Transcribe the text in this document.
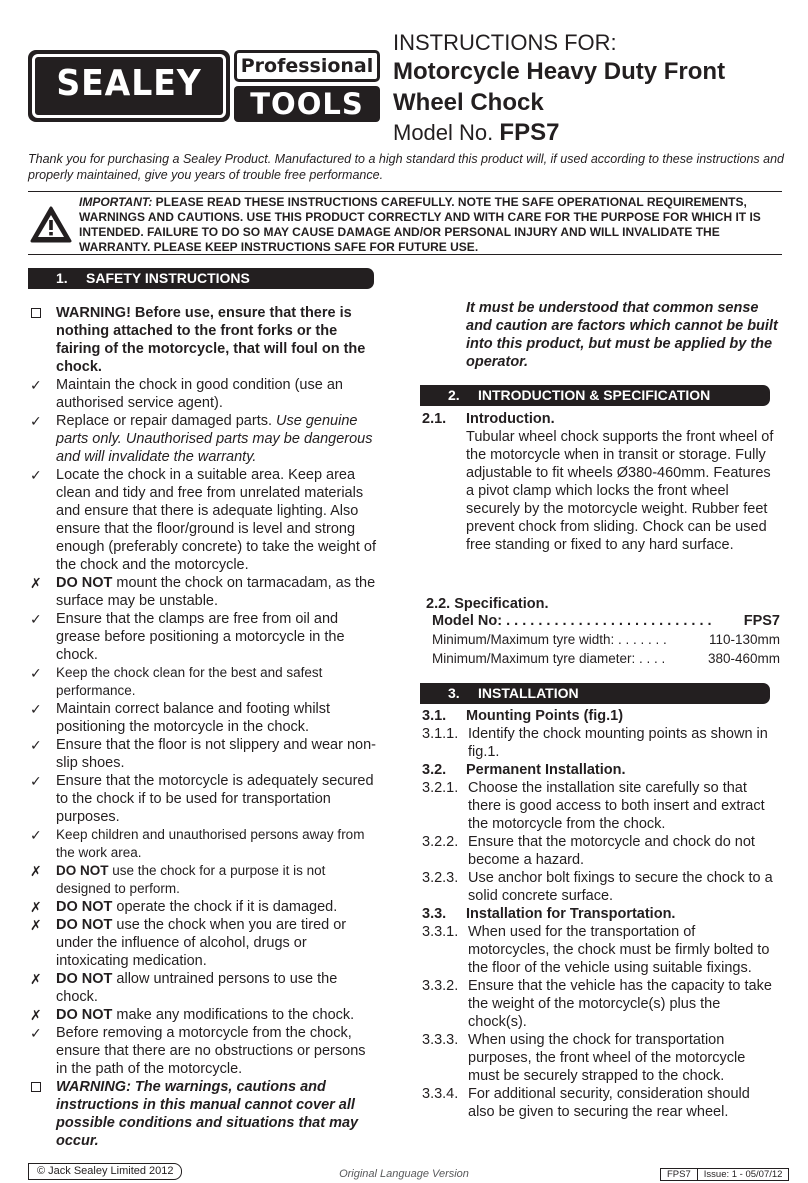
SEALEY	Professional
TOOLS
INSTRUCTIONS FOR:
Motorcycle Heavy Duty Front
Wheel Chock
Model No. FPS7
Thank you for purchasing a Sealey Product. Manufactured to a high standard this product will, if used according to these instructions and properly maintained, give you years of trouble free performance.
IMPORTANT: PLEASE READ THESE INSTRUCTIONS CAREFULLY. NOTE THE SAFE OPERATIONAL REQUIREMENTS, WARNINGS AND CAUTIONS. USE THIS PRODUCT CORRECTLY AND WITH CARE FOR THE PURPOSE FOR WHICH IT IS INTENDED. FAILURE TO DO SO MAY CAUSE DAMAGE AND/OR PERSONAL INJURY AND WILL INVALIDATE THE WARRANTY. PLEASE KEEP INSTRUCTIONS SAFE FOR FUTURE USE.
1. SAFETY INSTRUCTIONS
WARNING! Before use, ensure that there is nothing attached to the front forks or the fairing of the motorcycle, that will foul on the chock.
✓ Maintain the chock in good condition (use an authorised service agent).
✓ Replace or repair damaged parts. Use genuine parts only. Unauthorised parts may be dangerous and will invalidate the warranty.
✓ Locate the chock in a suitable area. Keep area clean and tidy and free from unrelated materials and ensure that there is adequate lighting. Also ensure that the floor/ground is level and strong enough (preferably concrete) to take the weight of the chock and the motorcycle.
✗ DO NOT mount the chock on tarmacadam, as the surface may be unstable.
✓ Ensure that the clamps are free from oil and grease before positioning a motorcycle in the chock.
✓	Keep the chock clean for the best and safest performance.
✓ Maintain correct balance and footing whilst positioning the motorcycle in the chock.
✓ Ensure that the floor is not slippery and wear non-slip shoes.
✓ Ensure that the motorcycle is adequately secured to the chock if to be used for transportation purposes.
✓	Keep children and unauthorised persons away from the work area.
✗	DO NOT use the chock for a purpose it is not designed to perform.
✗ DO NOT operate the chock if it is damaged.
✗ DO NOT use the chock when you are tired or under the influence of alcohol, drugs or intoxicating medication.
✗ DO NOT allow untrained persons to use the chock.
✗ DO NOT make any modifications to the chock.
✓ Before removing a motorcycle from the chock, ensure that there are no obstructions or persons in the path of the motorcycle.
WARNING: The warnings, cautions and instructions in this manual cannot cover all possible conditions and situations that may occur.
It must be understood that common sense and caution are factors which cannot be built into this product, but must be applied by the operator.
2. INTRODUCTION & SPECIFICATION
2.1. Introduction.
Tubular wheel chock supports the front wheel of the motorcycle when in transit or storage. Fully adjustable to fit wheels Ø380-460mm. Features a pivot clamp which locks the front wheel securely by the motorcycle weight. Rubber feet prevent chock from sliding. Chock can be used free standing or fixed to any hard surface.
2.2. Specification.
Model No: . . . . . . . . . . . . . . . . . . . . . . . . . . FPS7
Minimum/Maximum tyre width: . . . . . . .	110-130mm
Minimum/Maximum tyre diameter: . . . .	380-460mm
3. INSTALLATION
3.1. Mounting Points (fig.1)
3.1.1. Identify the chock mounting points as shown in fig.1.
3.2. Permanent Installation.
3.2.1. Choose the installation site carefully so that there is good access to both insert and extract the motorcycle from the chock.
3.2.2. Ensure that the motorcycle and chock do not become a hazard.
3.2.3. Use anchor bolt fixings to secure the chock to a solid concrete surface.
3.3. Installation for Transportation.
3.3.1. When used for the transportation of motorcycles, the chock must be firmly bolted to the floor of the vehicle using suitable fixings.
3.3.2. Ensure that the vehicle has the capacity to take the weight of the motorcycle(s) plus the chock(s).
3.3.3. When using the chock for transportation purposes, the front wheel of the motorcycle must be securely strapped to the chock.
3.3.4. For additional security, consideration should also be given to securing the rear wheel.
© Jack Sealey Limited 2012	Original Language Version	FPS7	Issue: 1 - 05/07/12
